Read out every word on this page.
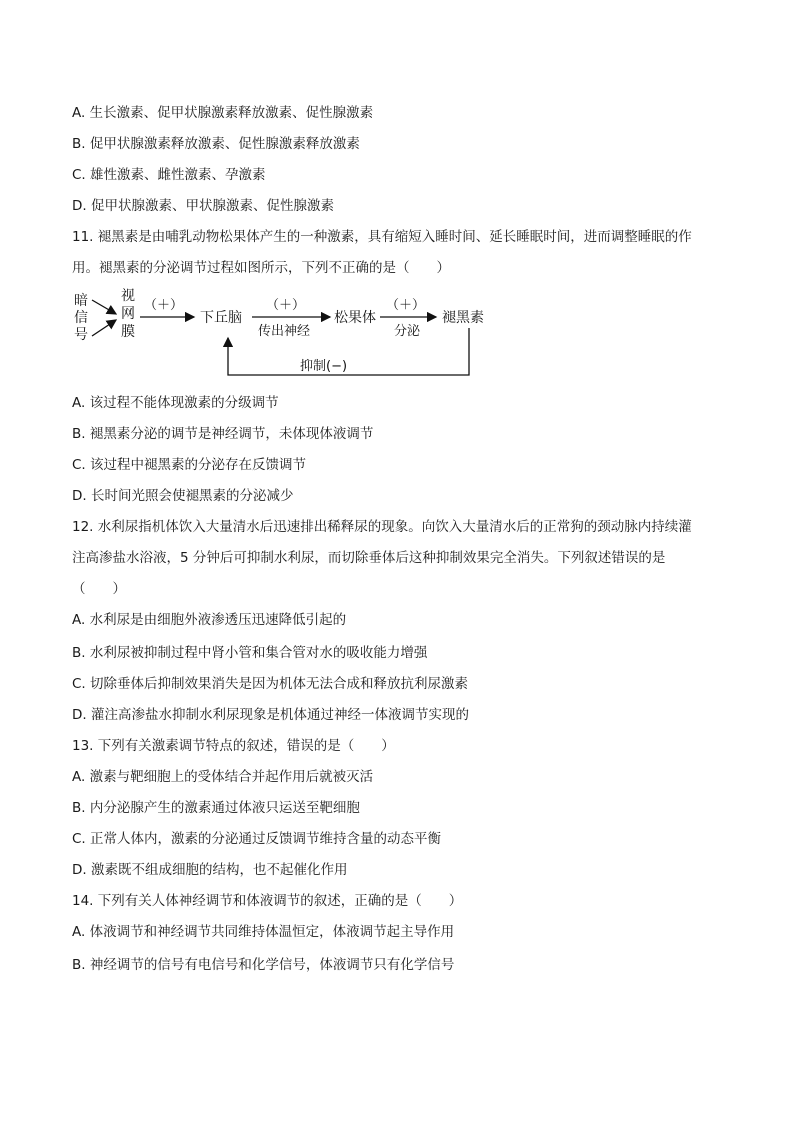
A. 生长激素、促甲状腺激素释放激素、促性腺激素
B. 促甲状腺激素释放激素、促性腺激素释放激素
C. 雄性激素、雌性激素、孕激素
D. 促甲状腺激素、甲状腺激素、促性腺激素
11. 褪黑素是由哺乳动物松果体产生的一种激素，具有缩短入睡时间、延长睡眠时间，进而调整睡眠的作
用。褪黑素的分泌调节过程如图所示，下列不正确的是（　　）
暗
信
号
视
网
膜
（＋）
下丘脑
（＋）
传出神经
松果体
（＋）
分泌
褪黑素
抑制(−)
A. 该过程不能体现激素的分级调节
B. 褪黑素分泌的调节是神经调节，未体现体液调节
C. 该过程中褪黑素的分泌存在反馈调节
D. 长时间光照会使褪黑素的分泌减少
12. 水利尿指机体饮入大量清水后迅速排出稀释尿的现象。向饮入大量清水后的正常狗的颈动脉内持续灌
注高渗盐水浴液，5 分钟后可抑制水利尿，而切除垂体后这种抑制效果完全消失。下列叙述错误的是
（　　）
A. 水利尿是由细胞外液渗透压迅速降低引起的
B. 水利尿被抑制过程中肾小管和集合管对水的吸收能力增强
C. 切除垂体后抑制效果消失是因为机体无法合成和释放抗利尿激素
D. 灌注高渗盐水抑制水利尿现象是机体通过神经一体液调节实现的
13. 下列有关激素调节特点的叙述，错误的是（　　）
A. 激素与靶细胞上的受体结合并起作用后就被灭活
B. 内分泌腺产生的激素通过体液只运送至靶细胞
C. 正常人体内，激素的分泌通过反馈调节维持含量的动态平衡
D. 激素既不组成细胞的结构，也不起催化作用
14. 下列有关人体神经调节和体液调节的叙述，正确的是（　　）
A. 体液调节和神经调节共同维持体温恒定，体液调节起主导作用
B. 神经调节的信号有电信号和化学信号，体液调节只有化学信号
